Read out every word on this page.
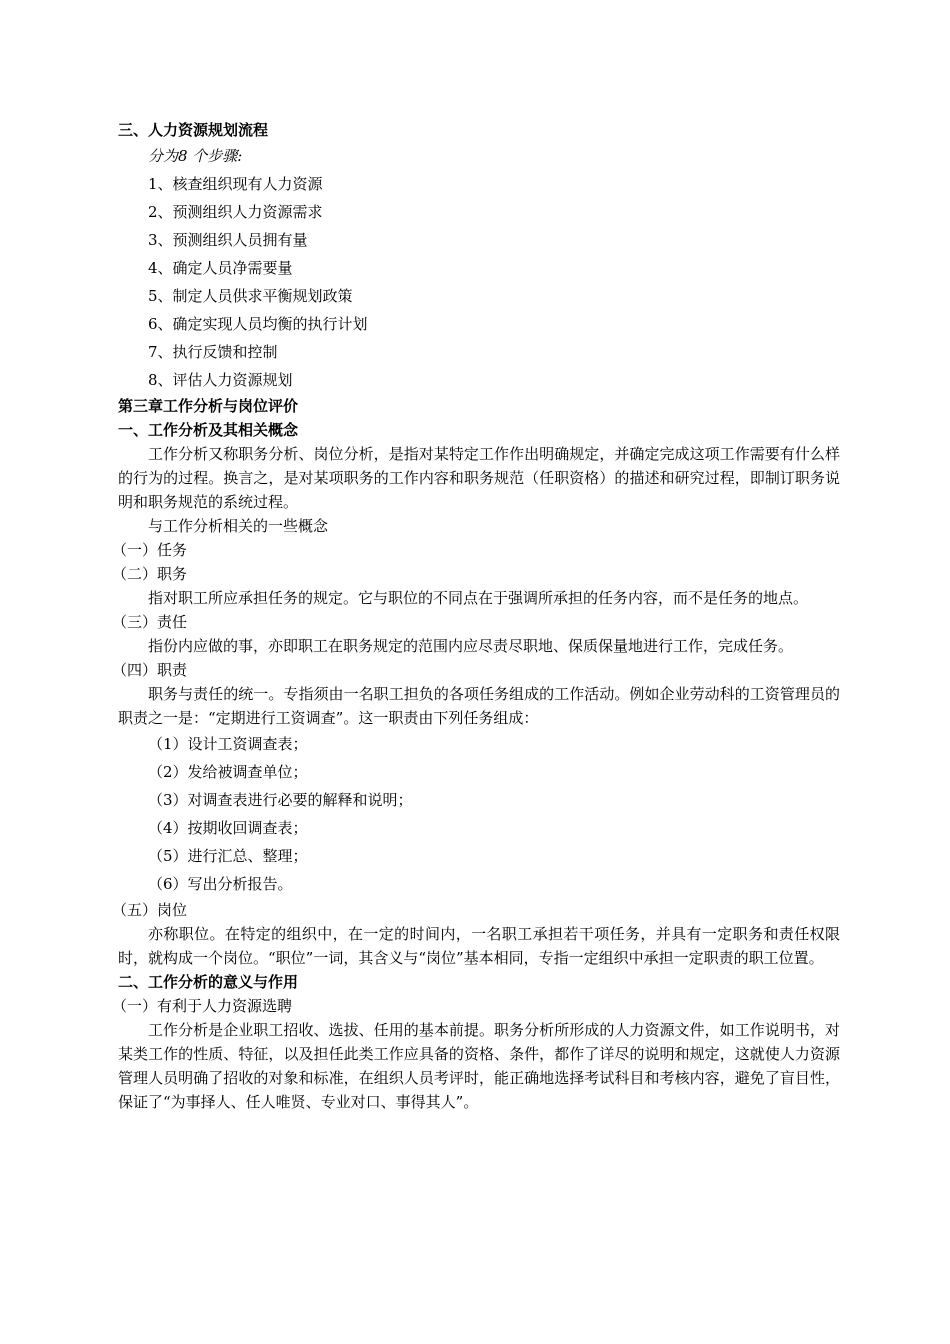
三、人力资源规划流程

分为8 个步骤:

1、核查组织现有人力资源

2、预测组织人力资源需求

3、预测组织人员拥有量

4、确定人员净需要量

5、制定人员供求平衡规划政策

6、确定实现人员均衡的执行计划

7、执行反馈和控制

8、评估人力资源规划

第三章工作分析与岗位评价

一、工作分析及其相关概念

工作分析又称职务分析、岗位分析，是指对某特定工作作出明确规定，并确定完成这项工作需要有什么样的行为的过程。换言之，是对某项职务的工作内容和职务规范（任职资格）的描述和研究过程，即制订职务说明和职务规范的系统过程。

与工作分析相关的一些概念

（一）任务

（二）职务

指对职工所应承担任务的规定。它与职位的不同点在于强调所承担的任务内容，而不是任务的地点。

（三）责任

指份内应做的事，亦即职工在职务规定的范围内应尽责尽职地、保质保量地进行工作，完成任务。

（四）职责

职务与责任的统一。专指须由一名职工担负的各项任务组成的工作活动。例如企业劳动科的工资管理员的职责之一是：“定期进行工资调查”。这一职责由下列任务组成：

（1）设计工资调查表；

（2）发给被调查单位；

（3）对调查表进行必要的解释和说明；

（4）按期收回调查表；

（5）进行汇总、整理；

（6）写出分析报告。

（五）岗位

亦称职位。在特定的组织中，在一定的时间内，一名职工承担若干项任务，并具有一定职务和责任权限时，就构成一个岗位。“职位”一词，其含义与“岗位”基本相同，专指一定组织中承担一定职责的职工位置。

二、工作分析的意义与作用

（一）有利于人力资源选聘

工作分析是企业职工招收、选拔、任用的基本前提。职务分析所形成的人力资源文件，如工作说明书，对某类工作的性质、特征，以及担任此类工作应具备的资格、条件，都作了详尽的说明和规定，这就使人力资源管理人员明确了招收的对象和标准，在组织人员考评时，能正确地选择考试科目和考核内容，避免了盲目性，保证了“为事择人、任人唯贤、专业对口、事得其人”。
